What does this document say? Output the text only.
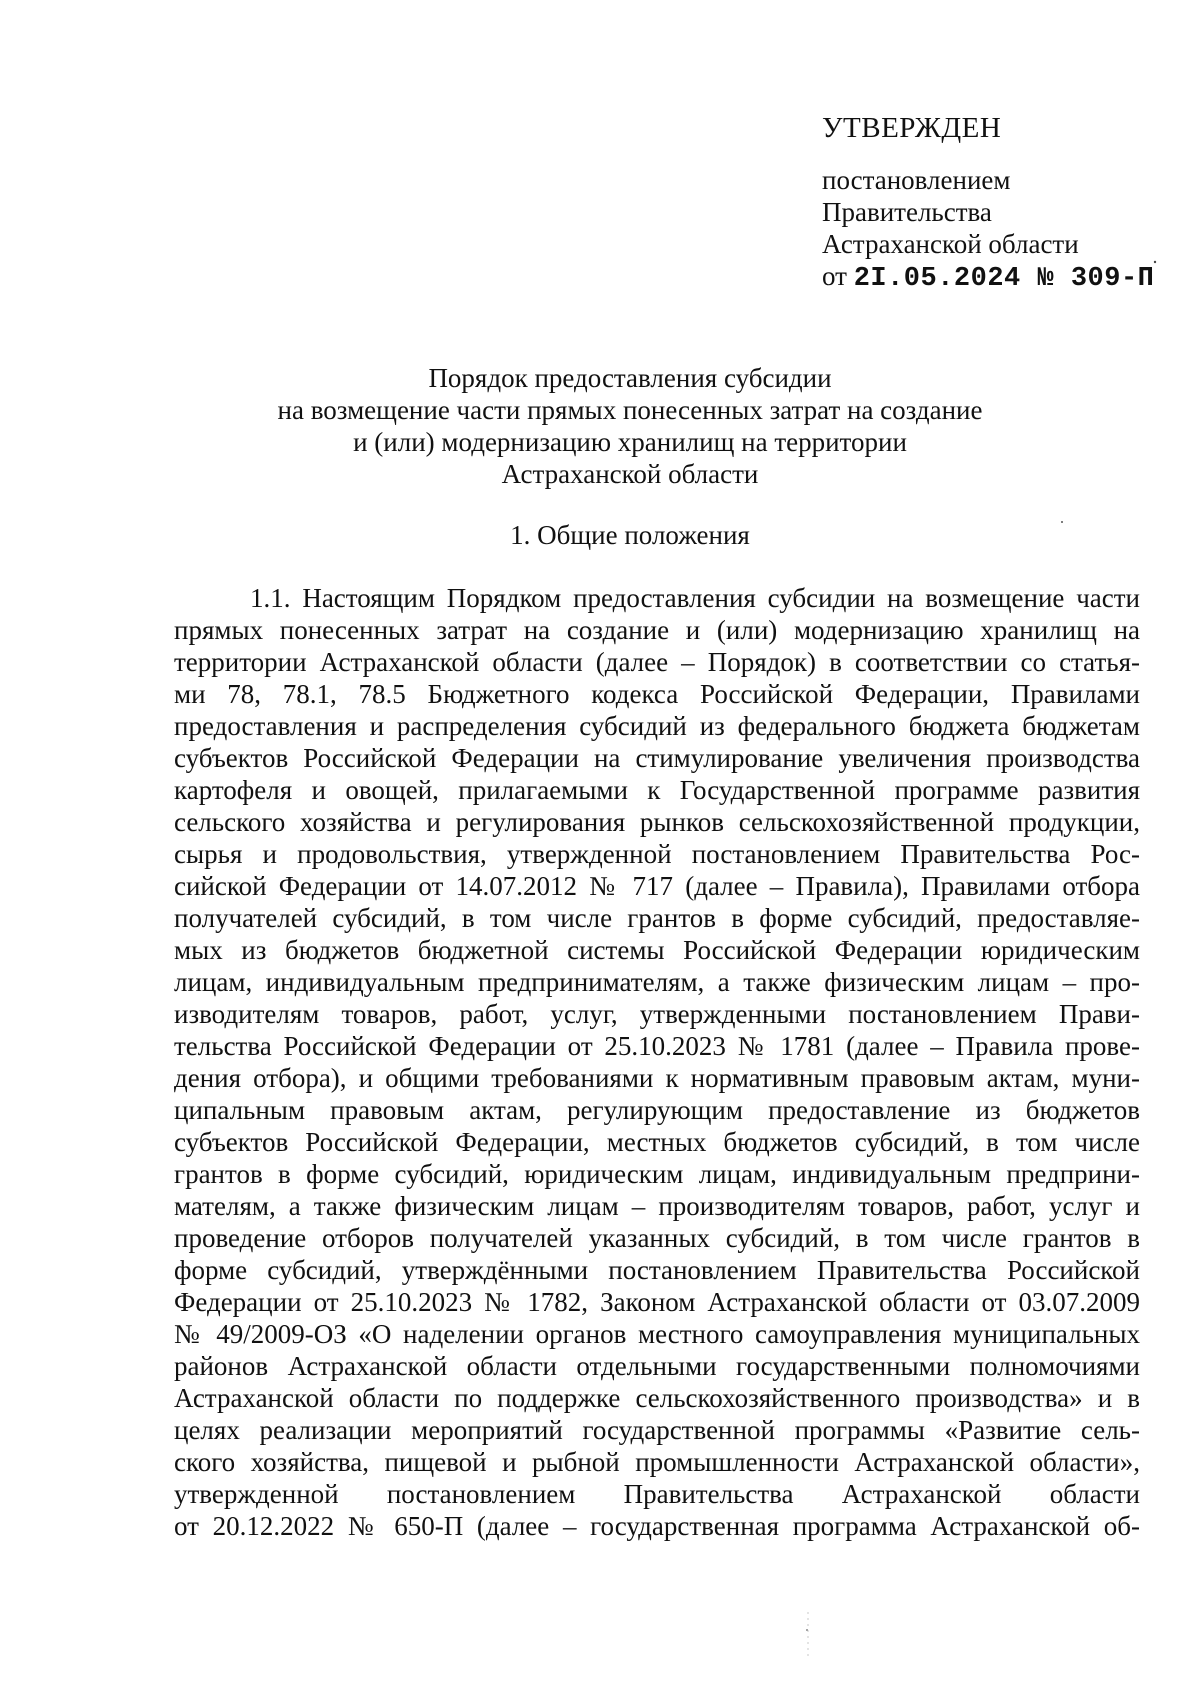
УТВЕРЖДЕН

постановлением

Правительства

Астраханской области

от 2I.05.2024 № 309-П

Порядок предоставления субсидии

на возмещение части прямых понесенных затрат на создание

и (или) модернизацию хранилищ на территории

Астраханской области

1. Общие положения

1.1. Настоящим Порядком предоставления субсидии на возмещение части

прямых понесенных затрат на создание и (или) модернизацию хранилищ на

территории Астраханской области (далее – Порядок) в соответствии со статья-

ми 78, 78.1, 78.5 Бюджетного кодекса Российской Федерации, Правилами

предоставления и распределения субсидий из федерального бюджета бюджетам

субъектов Российской Федерации на стимулирование увеличения производства

картофеля и овощей, прилагаемыми к Государственной программе развития

сельского хозяйства и регулирования рынков сельскохозяйственной продукции,

сырья и продовольствия, утвержденной постановлением Правительства Рос-

сийской Федерации от 14.07.2012 № 717 (далее – Правила), Правилами отбора

получателей субсидий, в том числе грантов в форме субсидий, предоставляе-

мых из бюджетов бюджетной системы Российской Федерации юридическим

лицам, индивидуальным предпринимателям, а также физическим лицам – про-

изводителям товаров, работ, услуг, утвержденными постановлением Прави-

тельства Российской Федерации от 25.10.2023 № 1781 (далее – Правила прове-

дения отбора), и общими требованиями к нормативным правовым актам, муни-

ципальным правовым актам, регулирующим предоставление из бюджетов

субъектов Российской Федерации, местных бюджетов субсидий, в том числе

грантов в форме субсидий, юридическим лицам, индивидуальным предприни-

мателям, а также физическим лицам – производителям товаров, работ, услуг и

проведение отборов получателей указанных субсидий, в том числе грантов в

форме субсидий, утверждёнными постановлением Правительства Российской

Федерации от 25.10.2023 № 1782, Законом Астраханской области от 03.07.2009

№ 49/2009-ОЗ «О наделении органов местного самоуправления муниципальных

районов Астраханской области отдельными государственными полномочиями

Астраханской области по поддержке сельскохозяйственного производства» и в

целях реализации мероприятий государственной программы «Развитие сель-

ского хозяйства, пищевой и рыбной промышленности Астраханской области»,

утвержденной постановлением Правительства Астраханской области

от 20.12.2022 № 650-П (далее – государственная программа Астраханской об-
